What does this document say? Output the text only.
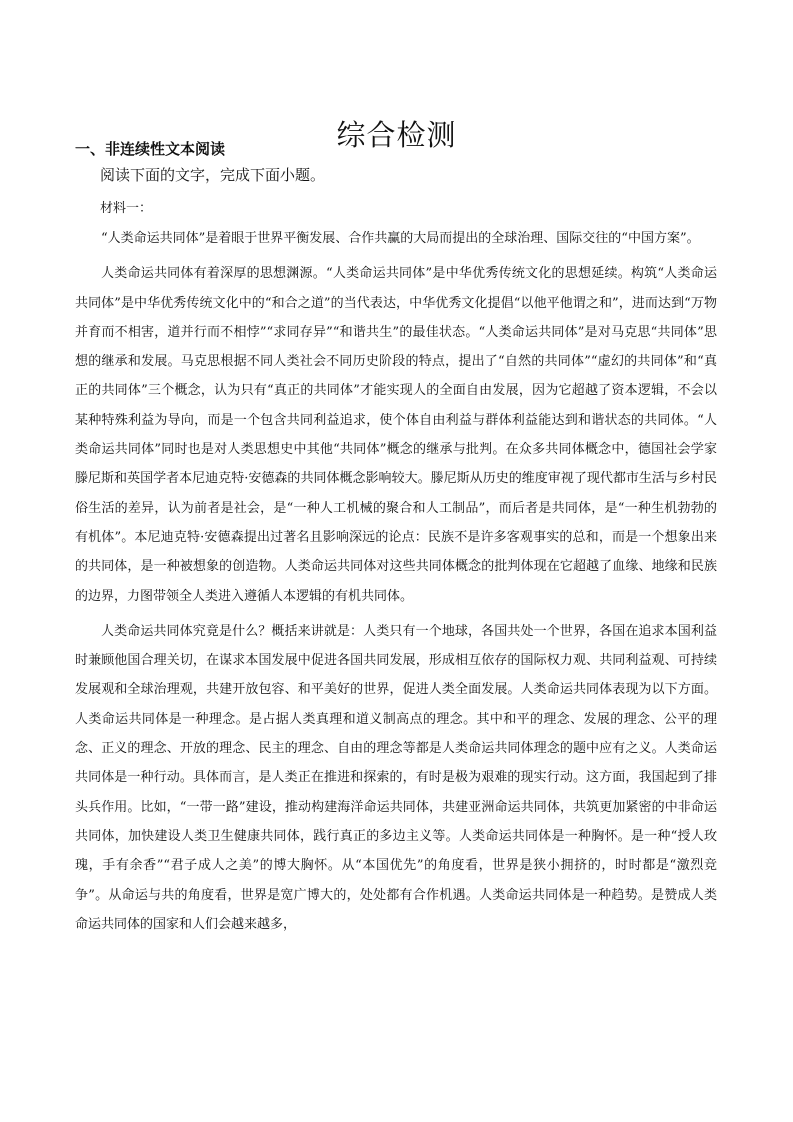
综合检测
一、非连续性文本阅读
阅读下面的文字，完成下面小题。
材料一：

“人类命运共同体”是着眼于世界平衡发展、合作共赢的大局而提出的全球治理、国际交往的“中国方案”。

人类命运共同体有着深厚的思想渊源。“人类命运共同体”是中华优秀传统文化的思想延续。构筑“人类命运共同体”是中华优秀传统文化中的“和合之道”的当代表达，中华优秀文化提倡“以他平他谓之和”，进而达到“万物并育而不相害，道并行而不相悖”“求同存异”“和谐共生”的最佳状态。“人类命运共同体”是对马克思“共同体”思想的继承和发展。马克思根据不同人类社会不同历史阶段的特点，提出了“自然的共同体”“虚幻的共同体”和“真正的共同体”三个概念，认为只有“真正的共同体”才能实现人的全面自由发展，因为它超越了资本逻辑，不会以某种特殊利益为导向，而是一个包含共同利益追求，使个体自由利益与群体利益能达到和谐状态的共同体。“人类命运共同体”同时也是对人类思想史中其他“共同体”概念的继承与批判。在众多共同体概念中，德国社会学家滕尼斯和英国学者本尼迪克特·安德森的共同体概念影响较大。滕尼斯从历史的维度审视了现代都市生活与乡村民俗生活的差异，认为前者是社会，是“一种人工机械的聚合和人工制品”，而后者是共同体，是“一种生机勃勃的有机体”。本尼迪克特·安德森提出过著名且影响深远的论点：民族不是许多客观事实的总和，而是一个想象出来的共同体，是一种被想象的创造物。人类命运共同体对这些共同体概念的批判体现在它超越了血缘、地缘和民族的边界，力图带领全人类进入遵循人本逻辑的有机共同体。

人类命运共同体究竟是什么？概括来讲就是：人类只有一个地球，各国共处一个世界，各国在追求本国利益时兼顾他国合理关切，在谋求本国发展中促进各国共同发展，形成相互依存的国际权力观、共同利益观、可持续发展观和全球治理观，共建开放包容、和平美好的世界，促进人类全面发展。人类命运共同体表现为以下方面。人类命运共同体是一种理念。是占据人类真理和道义制高点的理念。其中和平的理念、发展的理念、公平的理念、正义的理念、开放的理念、民主的理念、自由的理念等都是人类命运共同体理念的题中应有之义。人类命运共同体是一种行动。具体而言，是人类正在推进和探索的，有时是极为艰难的现实行动。这方面，我国起到了排头兵作用。比如，“一带一路”建设，推动构建海洋命运共同体，共建亚洲命运共同体，共筑更加紧密的中非命运共同体，加快建设人类卫生健康共同体，践行真正的多边主义等。人类命运共同体是一种胸怀。是一种“授人玫瑰，手有余香”“君子成人之美”的博大胸怀。从“本国优先”的角度看，世界是狭小拥挤的，时时都是“激烈竞争”。从命运与共的角度看，世界是宽广博大的，处处都有合作机遇。人类命运共同体是一种趋势。是赞成人类命运共同体的国家和人们会越来越多，
